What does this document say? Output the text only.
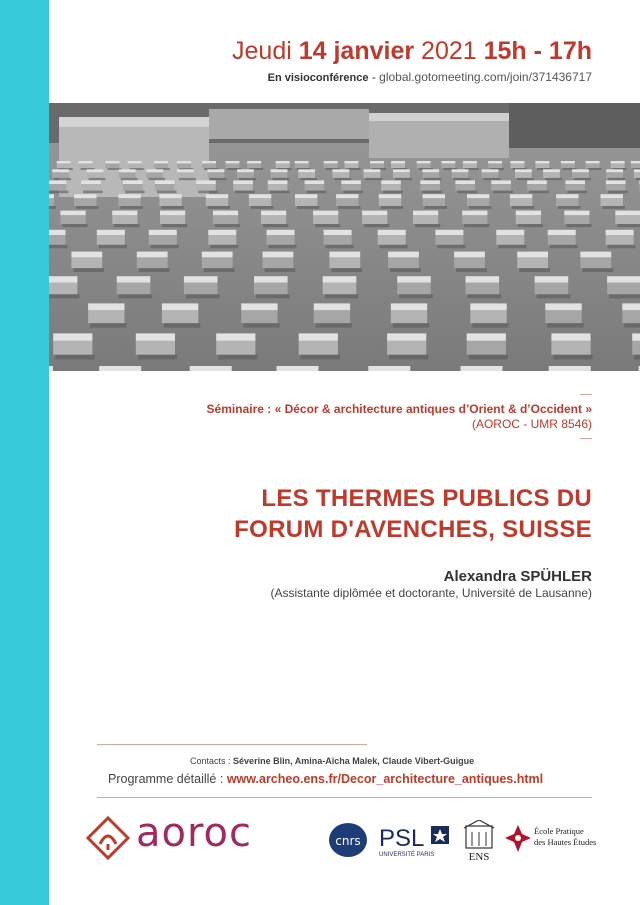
Jeudi 14 janvier 2021 15h - 17h
En visioconférence - global.gotomeeting.com/join/371436717
Séminaire : « Décor & architecture antiques d’Orient & d’Occident »
(AOROC - UMR 8546)
LES THERMES PUBLICS DU
FORUM D'AVENCHES, SUISSE
Alexandra SPÜHLER
(Assistante diplômée et doctorante, Université de Lausanne)
Contacts : Séverine Blin, Amina-Aïcha Malek, Claude Vibert-Guigue
Programme détaillé : www.archeo.ens.fr/Decor_architecture_antiques.html
aoroc	cnrs PSL
UNIVERSITÉ PARIS	ENS
École Pratique
des Hautes Études
